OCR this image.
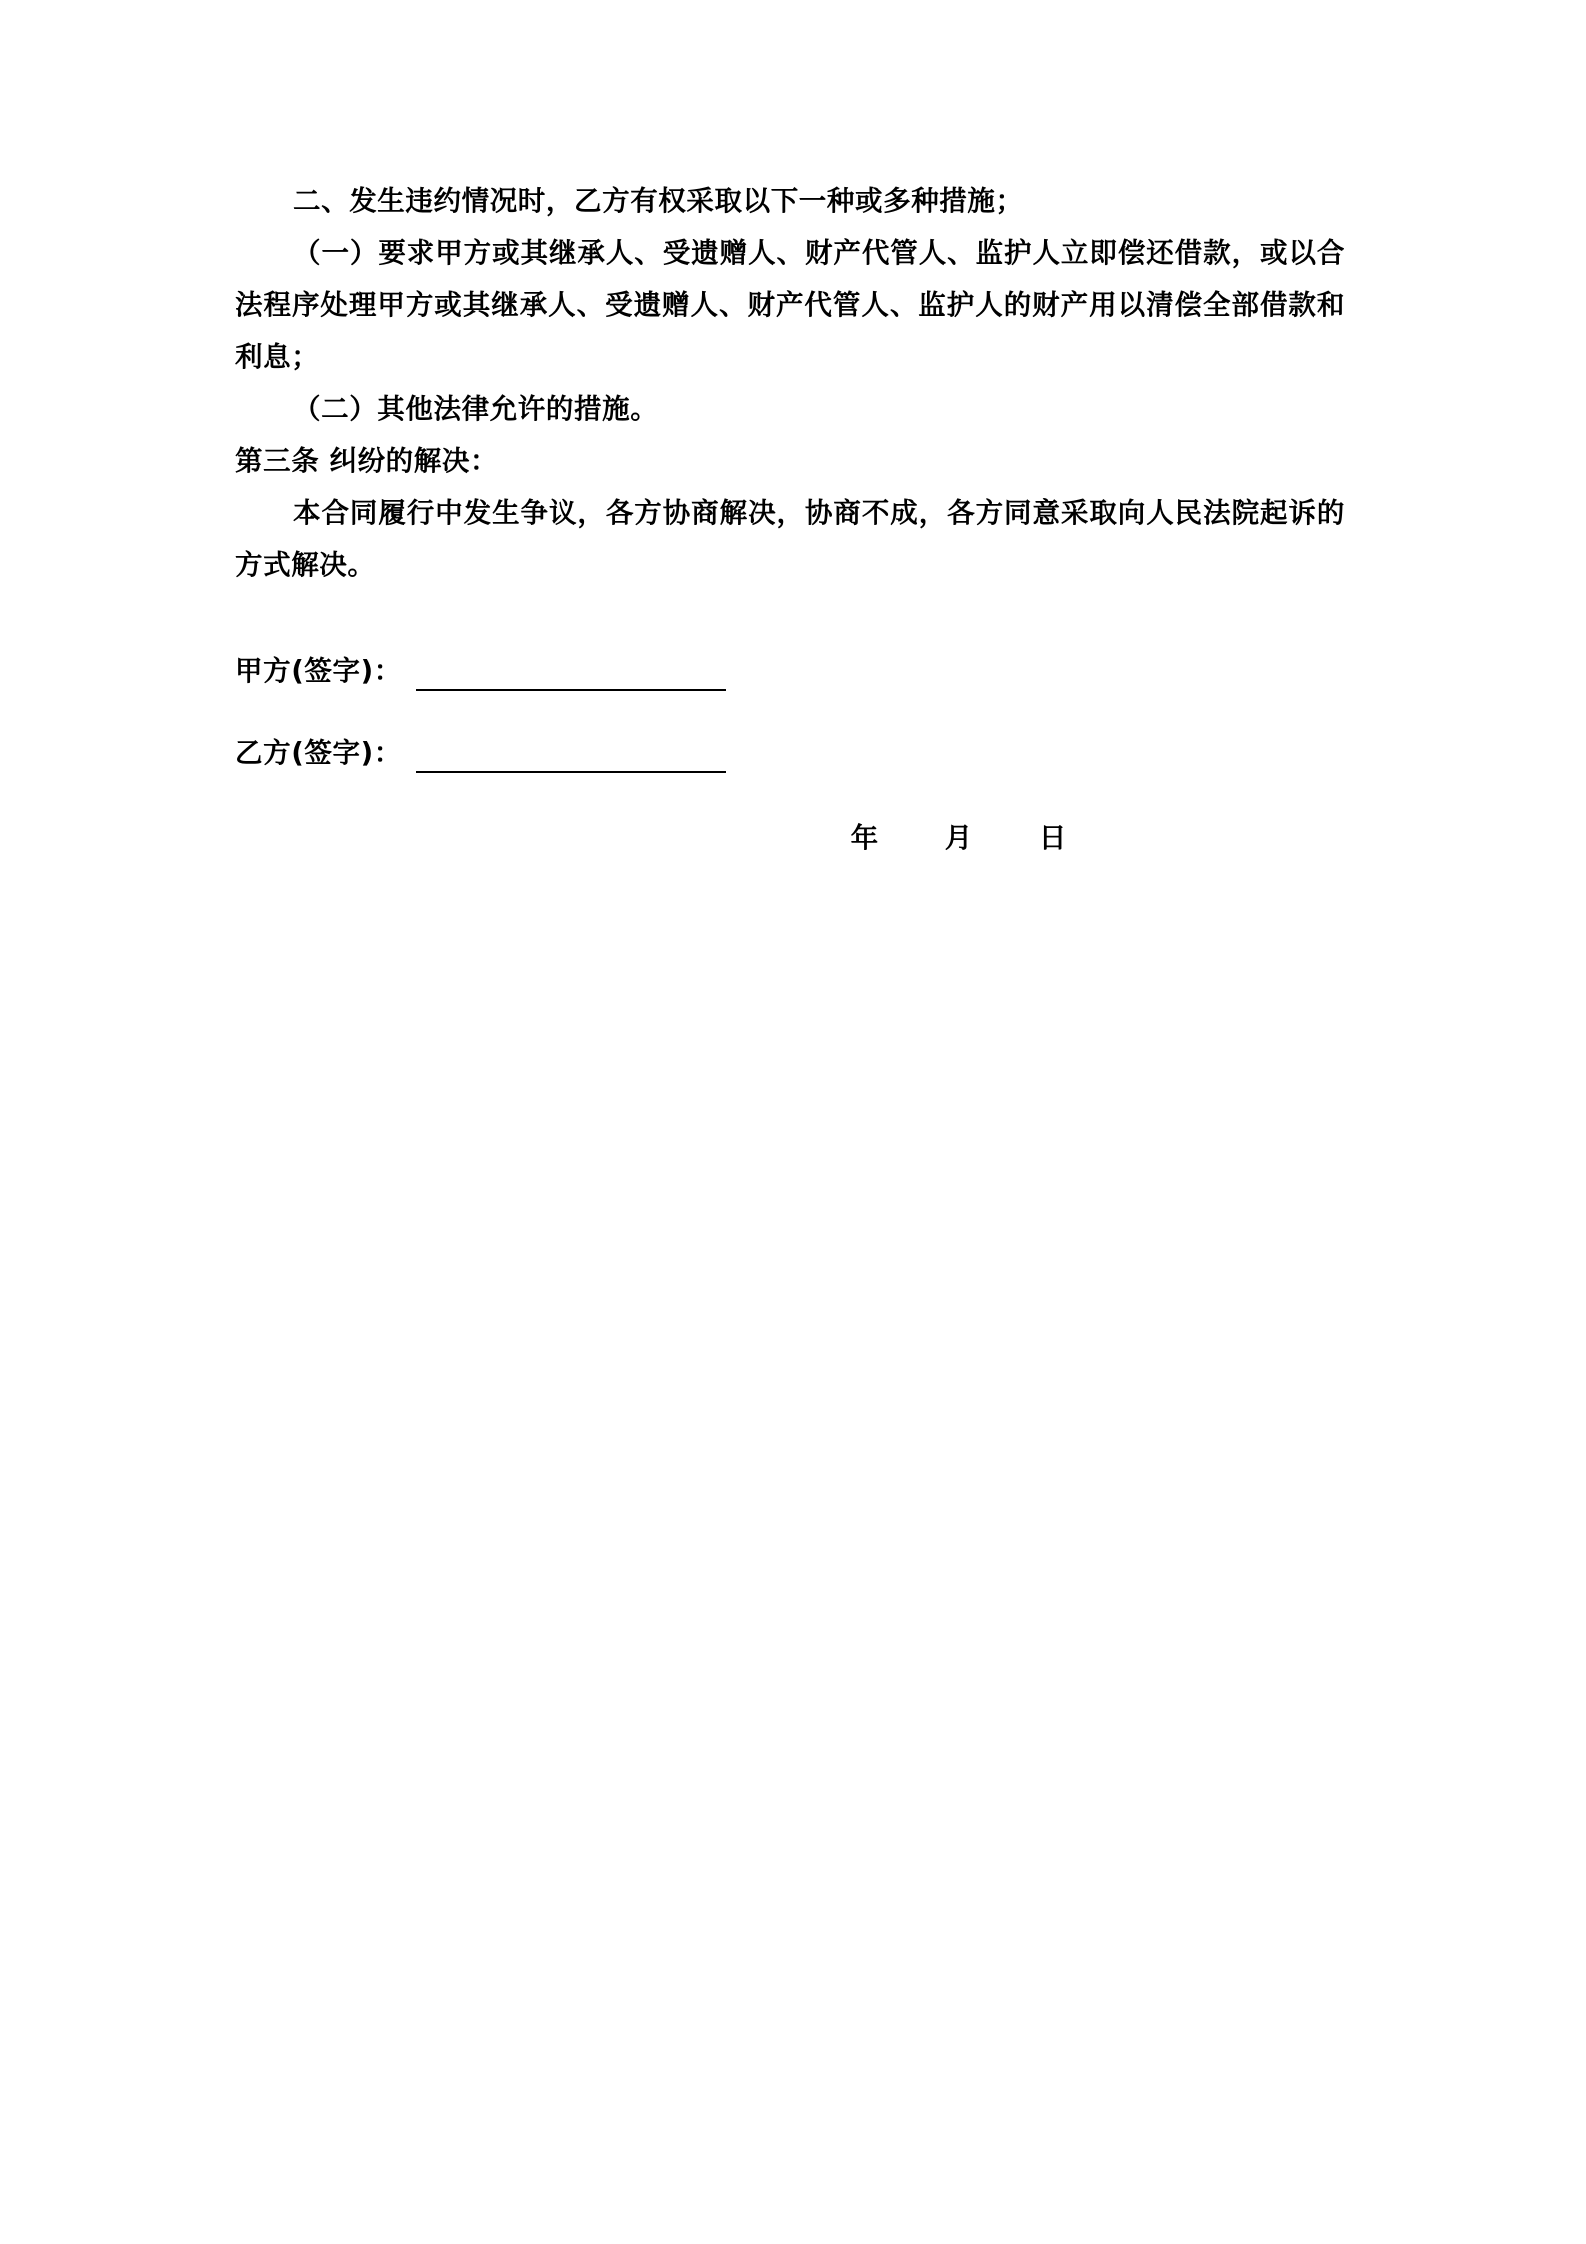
二、发生违约情况时，乙方有权采取以下一种或多种措施；

（一）要求甲方或其继承人、受遗赠人、财产代管人、监护人立即偿还借款，或以合法程序处理甲方或其继承人、受遗赠人、财产代管人、监护人的财产用以清偿全部借款和利息；

（二）其他法律允许的措施。

第三条 纠纷的解决：

本合同履行中发生争议，各方协商解决，协商不成，各方同意采取向人民法院起诉的方式解决。

甲方(签字)：
乙方(签字)：
年 月 日
